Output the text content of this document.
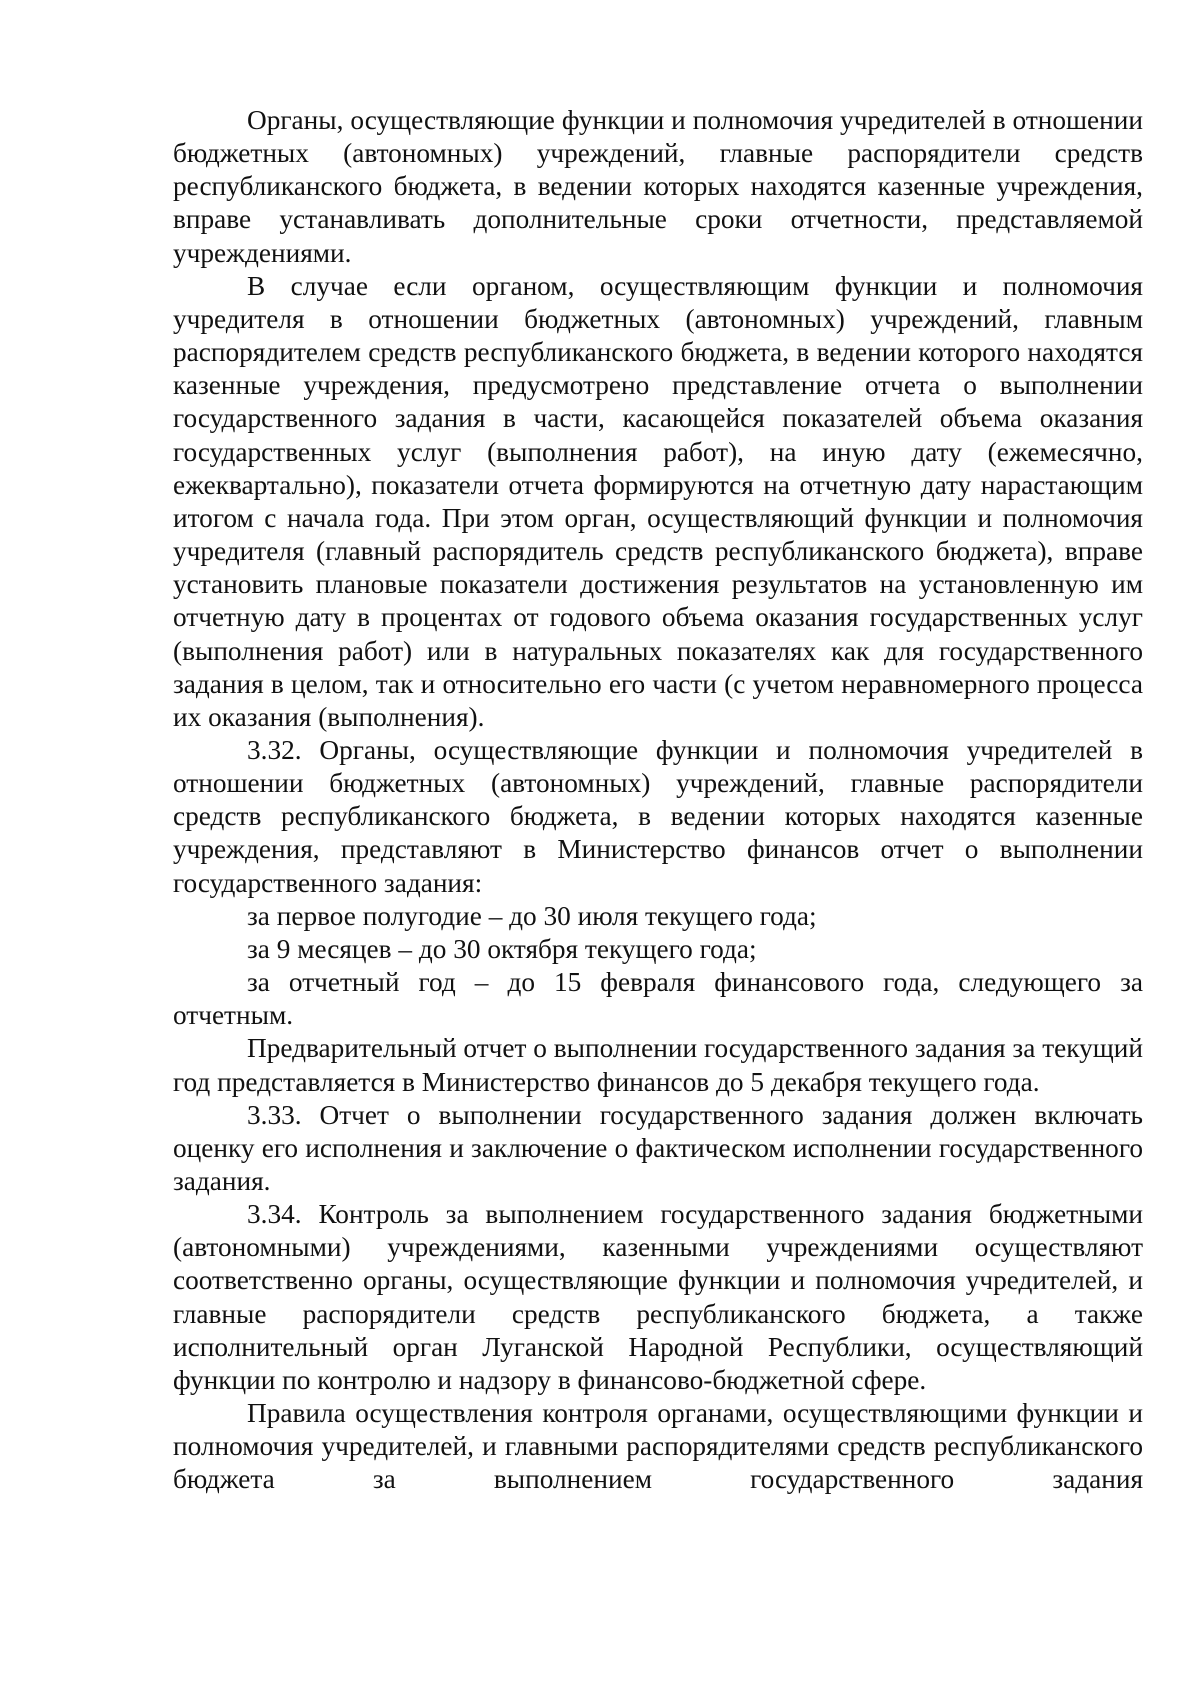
Органы, осуществляющие функции и полномочия учредителей в отношении бюджетных (автономных) учреждений, главные распорядители средств республиканского бюджета, в ведении которых находятся казенные учреждения, вправе устанавливать дополнительные сроки отчетности, представляемой учреждениями.

В случае если органом, осуществляющим функции и полномочия учредителя в отношении бюджетных (автономных) учреждений, главным распорядителем средств республиканского бюджета, в ведении которого находятся казенные учреждения, предусмотрено представление отчета о выполнении государственного задания в части, касающейся показателей объема оказания государственных услуг (выполнения работ), на иную дату (ежемесячно, ежеквартально), показатели отчета формируются на отчетную дату нарастающим итогом с начала года. При этом орган, осуществляющий функции и полномочия учредителя (главный распорядитель средств республиканского бюджета), вправе установить плановые показатели достижения результатов на установленную им отчетную дату в процентах от годового объема оказания государственных услуг (выполнения работ) или в натуральных показателях как для государственного задания в целом, так и относительно его части (с учетом неравномерного процесса их оказания (выполнения).

3.32. Органы, осуществляющие функции и полномочия учредителей в отношении бюджетных (автономных) учреждений, главные распорядители средств республиканского бюджета, в ведении которых находятся казенные учреждения, представляют в Министерство финансов отчет о выполнении государственного задания:

за первое полугодие – до 30 июля текущего года;

за 9 месяцев – до 30 октября текущего года;

за отчетный год – до 15 февраля финансового года, следующего за отчетным.

Предварительный отчет о выполнении государственного задания за текущий год представляется в Министерство финансов до 5 декабря текущего года.

3.33. Отчет о выполнении государственного задания должен включать оценку его исполнения и заключение о фактическом исполнении государственного задания.

3.34. Контроль за выполнением государственного задания бюджетными (автономными) учреждениями, казенными учреждениями осуществляют соответственно органы, осуществляющие функции и полномочия учредителей, и главные распорядители средств республиканского бюджета, а также исполнительный орган Луганской Народной Республики, осуществляющий функции по контролю и надзору в финансово-бюджетной сфере.

Правила осуществления контроля органами, осуществляющими функции и полномочия учредителей, и главными распорядителями средств республиканского бюджета за выполнением государственного задания
